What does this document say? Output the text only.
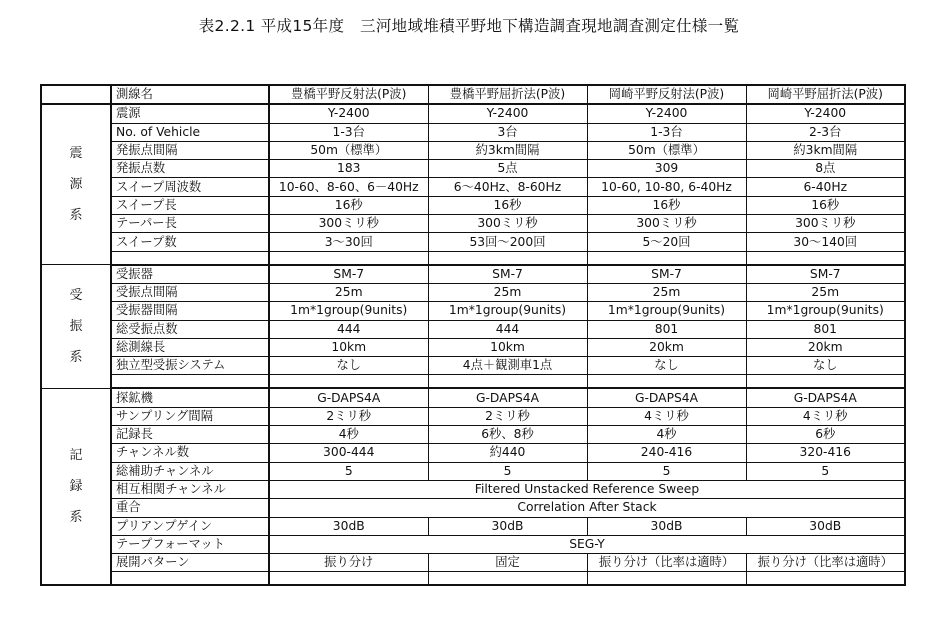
表2.2.1 平成15年度　三河地域堆積平野地下構造調査現地調査測定仕様一覧
	測線名	豊橋平野反射法(P波)	豊橋平野屈折法(P波)	岡崎平野反射法(P波)	岡崎平野屈折法(P波)

震
源
系	震源	Y-2400	Y-2400	Y-2400	Y-2400
	No. of Vehicle	1-3台	3台	1-3台	2-3台
	発振点間隔	50m（標準）	約3km間隔	50m（標準）	約3km間隔
	発振点数	183	5点	309	8点
	スイープ周波数	10-60、8-60、6－40Hz	6～40Hz、8-60Hz	10-60, 10-80, 6-40Hz	6-40Hz
	スイープ長	16秒	16秒	16秒	16秒
	テーパー長	300ミリ秒	300ミリ秒	300ミリ秒	300ミリ秒
	スイープ数	3～30回	53回～200回	5～20回	30～140回

受
振
系	受振器	SM-7	SM-7	SM-7	SM-7
	受振点間隔	25m	25m	25m	25m
	受振器間隔	1m*1group(9units)	1m*1group(9units)	1m*1group(9units)	1m*1group(9units)
	総受振点数	444	444	801	801
	総測線長	10km	10km	20km	20km
	独立型受振システム	なし	4点＋観測車1点	なし	なし

記
録
系	探鉱機	G-DAPS4A	G-DAPS4A	G-DAPS4A	G-DAPS4A
	サンプリング間隔	2ミリ秒	2ミリ秒	4ミリ秒	4ミリ秒
	記録長	4秒	6秒、8秒	4秒	6秒
	チャンネル数	300-444	約440	240-416	320-416
	総補助チャンネル	5	5	5	5
	相互相関チャンネル	Filtered Unstacked Reference Sweep			
	重合	Correlation After Stack			
	プリアンプゲイン	30dB	30dB	30dB	30dB
	テープフォーマット	SEG-Y			
	展開パターン	振り分け	固定	振り分け（比率は適時）	振り分け（比率は適時）
